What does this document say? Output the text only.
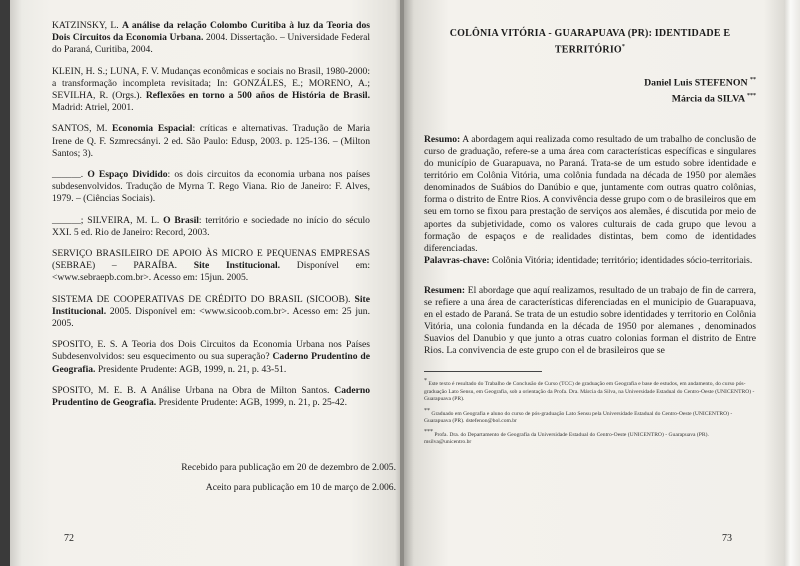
KATZINSKY, L. A análise da relação Colombo Curitiba à luz da Teoria dos Dois Circuitos da Economia Urbana. 2004. Dissertação. – Universidade Federal do Paraná, Curitiba, 2004.

KLEIN, H. S.; LUNA, F. V. Mudanças econômicas e sociais no Brasil, 1980-2000: a transformação incompleta revisitada; In: GONZÁLES, E.; MORENO, A.; SEVILHA, R. (Orgs.). Reflexões en torno a 500 años de História de Brasil. Madrid: Atriel, 2001.

SANTOS, M. Economia Espacial: críticas e alternativas. Tradução de Maria Irene de Q. F. Szmrecsányi. 2 ed. São Paulo: Edusp, 2003. p. 125-136. – (Milton Santos; 3).

______. O Espaço Dividido: os dois circuitos da economia urbana nos países subdesenvolvidos. Tradução de Myrna T. Rego Viana. Rio de Janeiro: F. Alves, 1979. – (Ciências Sociais).

______; SILVEIRA, M. L. O Brasil: território e sociedade no início do século XXI. 5 ed. Rio de Janeiro: Record, 2003.

SERVIÇO BRASILEIRO DE APOIO ÀS MICRO E PEQUENAS EMPRESAS (SEBRAE) – PARAÍBA. Site Institucional. Disponível em: <www.sebraepb.com.br>. Acesso em: 15jun. 2005.

SISTEMA DE COOPERATIVAS DE CRÉDITO DO BRASIL (SICOOB). Site Institucional. 2005. Disponível em: <www.sicoob.com.br>. Acesso em: 25 jun. 2005.

SPOSITO, E. S. A Teoria dos Dois Circuitos da Economia Urbana nos Países Subdesenvolvidos: seu esquecimento ou sua superação? Caderno Prudentino de Geografia. Presidente Prudente: AGB, 1999, n. 21, p. 43-51.

SPOSITO, M. E. B. A Análise Urbana na Obra de Milton Santos. Caderno Prudentino de Geografia. Presidente Prudente: AGB, 1999, n. 21, p. 25-42.

Recebido para publicação em 20 de dezembro de 2.005.
Aceito para publicação em 10 de março de 2.006.
72
COLÔNIA VITÓRIA - GUARAPUAVA (PR): IDENTIDADE E TERRITÓRIO*
Daniel Luis STEFENON **
Márcia da SILVA ***

Resumo: A abordagem aqui realizada como resultado de um trabalho de conclusão de curso de graduação, refere-se a uma área com características específicas e singulares do município de Guarapuava, no Paraná. Trata-se de um estudo sobre identidade e território em Colônia Vitória, uma colônia fundada na década de 1950 por alemães denominados de Suábios do Danúbio e que, juntamente com outras quatro colônias, forma o distrito de Entre Rios. A convivência desse grupo com o de brasileiros que em seu em torno se fixou para prestação de serviços aos alemães, é discutida por meio de aportes da subjetividade, como os valores culturais de cada grupo que levou a formação de espaços e de realidades distintas, bem como de identidades diferenciadas.

Palavras-chave: Colônia Vitória; identidade; território; identidades sócio-territoriais.

Resumen: El abordage que aquí realizamos, resultado de un trabajo de fin de carrera, se refiere a una área de características diferenciadas en el municipio de Guarapuava, en el estado de Paraná. Se trata de un estudio sobre identidades y territorio en Colônia Vitória, una colonia fundanda en la década de 1950 por alemanes , denominados Suavios del Danubio y que junto a otras cuatro colonias forman el distrito de Entre Rios. La convivencia de este grupo con el de brasileiros que se

* Este texto é resultado do Trabalho de Conclusão de Curso (TCC) de graduação em Geografia e base de estudos, em andamento, do curso pós-graduação Lato Sensu, em Geografia, sob a orientação da Profa. Dra. Márcia da Silva, na Universidade Estadual do Centro-Oeste (UNICENTRO) - Guarapuava (PR).

** Graduado em Geografia e aluno do curso de pós-graduação Lato Sensu pela Universidade Estadual do Centro-Oeste (UNICENTRO) - Guarapuava (PR). dstefenon@bol.com.br

*** Profa. Dra. do Departamento de Geografia da Universidade Estadual do Centro-Oeste (UNICENTRO) - Guarapuava (PR). msilva@unicentro.br

73
